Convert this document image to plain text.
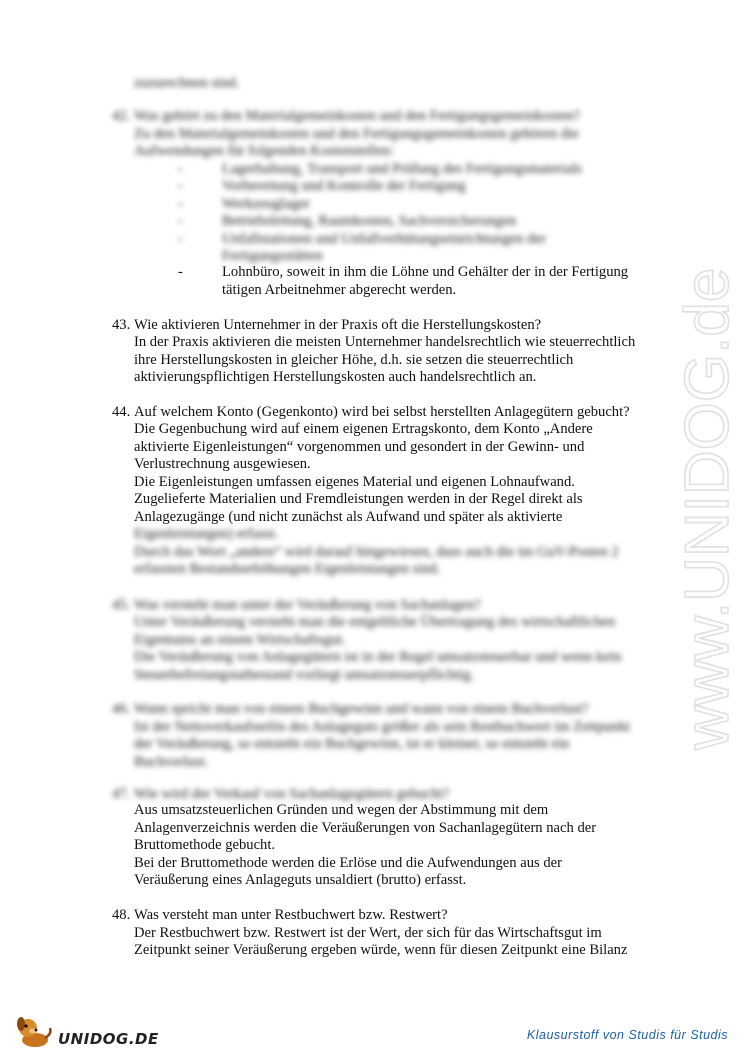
www.UNIDOG.de
zuzurechnen sind.
42. Was gehört zu den Materialgemeinkosten und den Fertigungsgemeinkosten?
Zu den Materialgemeinkosten und den Fertigungsgemeinkosten gehören die
Aufwendungen für folgenden Kostenstellen:
-	Lagerhaltung, Transport und Prüfung des Fertigungsmaterials
-	Vorbereitung und Kontrolle der Fertigung
-	Werkzeuglager
-	Betriebsleitung, Raumkosten, Sachversicherungen
-	Unfallstationen und Unfallverhütungseinrichtungen der
Fertigungsstätten
-	Lohnbüro, soweit in ihm die Löhne und Gehälter der in der Fertigung
tätigen Arbeitnehmer abgerecht werden.
43. Wie aktivieren Unternehmer in der Praxis oft die Herstellungskosten?
In der Praxis aktivieren die meisten Unternehmer handelsrechtlich wie steuerrechtlich
ihre Herstellungskosten in gleicher Höhe, d.h. sie setzen die steuerrechtlich
aktivierungspflichtigen Herstellungskosten auch handelsrechtlich an.
44. Auf welchem Konto (Gegenkonto) wird bei selbst herstellten Anlagegütern gebucht?
Die Gegenbuchung wird auf einem eigenen Ertragskonto, dem Konto „Andere
aktivierte Eigenleistungen“ vorgenommen und gesondert in der Gewinn- und
Verlustrechnung ausgewiesen.
Die Eigenleistungen umfassen eigenes Material und eigenen Lohnaufwand.
Zugelieferte Materialien und Fremdleistungen werden in der Regel direkt als
Anlagezugänge (und nicht zunächst als Aufwand und später als aktivierte
Eigenleistungen) erfasst.
Durch das Wort „andere“ wird darauf hingewiesen, dass auch die im GuV-Posten 2
erfassten Bestandserhöhungen Eigenleistungen sind.
45. Was versteht man unter der Veräußerung von Sachanlagen?
Unter Veräußerung versteht man die entgeltliche Übertragung des wirtschaftlichen
Eigentums an einem Wirtschaftsgut.
Die Veräußerung von Anlagegütern ist in der Regel umsatzsteuerbar und wenn kein
Steuerbefreiungstatbestand vorliegt umsatzsteuerpflichtig.
46. Wann spricht man von einem Buchgewinn und wann von einem Buchverlust?
Ist der Nettoverkaufserlös des Anlageguts größer als sein Restbuchwert im Zeitpunkt
der Veräußerung, so entsteht ein Buchgewinn, ist er kleiner, so entsteht ein
Buchverlust.
47. Wie wird der Verkauf von Sachanlagegütern gebucht?
Aus umsatzsteuerlichen Gründen und wegen der Abstimmung mit dem
Anlagenverzeichnis werden die Veräußerungen von Sachanlagegütern nach der
Bruttomethode gebucht.
Bei der Bruttomethode werden die Erlöse und die Aufwendungen aus der
Veräußerung eines Anlageguts unsaldiert (brutto) erfasst.
48. Was versteht man unter Restbuchwert bzw. Restwert?
Der Restbuchwert bzw. Restwert ist der Wert, der sich für das Wirtschaftsgut im
Zeitpunkt seiner Veräußerung ergeben würde, wenn für diesen Zeitpunkt eine Bilanz
UNIDOG.DE	Klausurstoff von Studis für Studis
